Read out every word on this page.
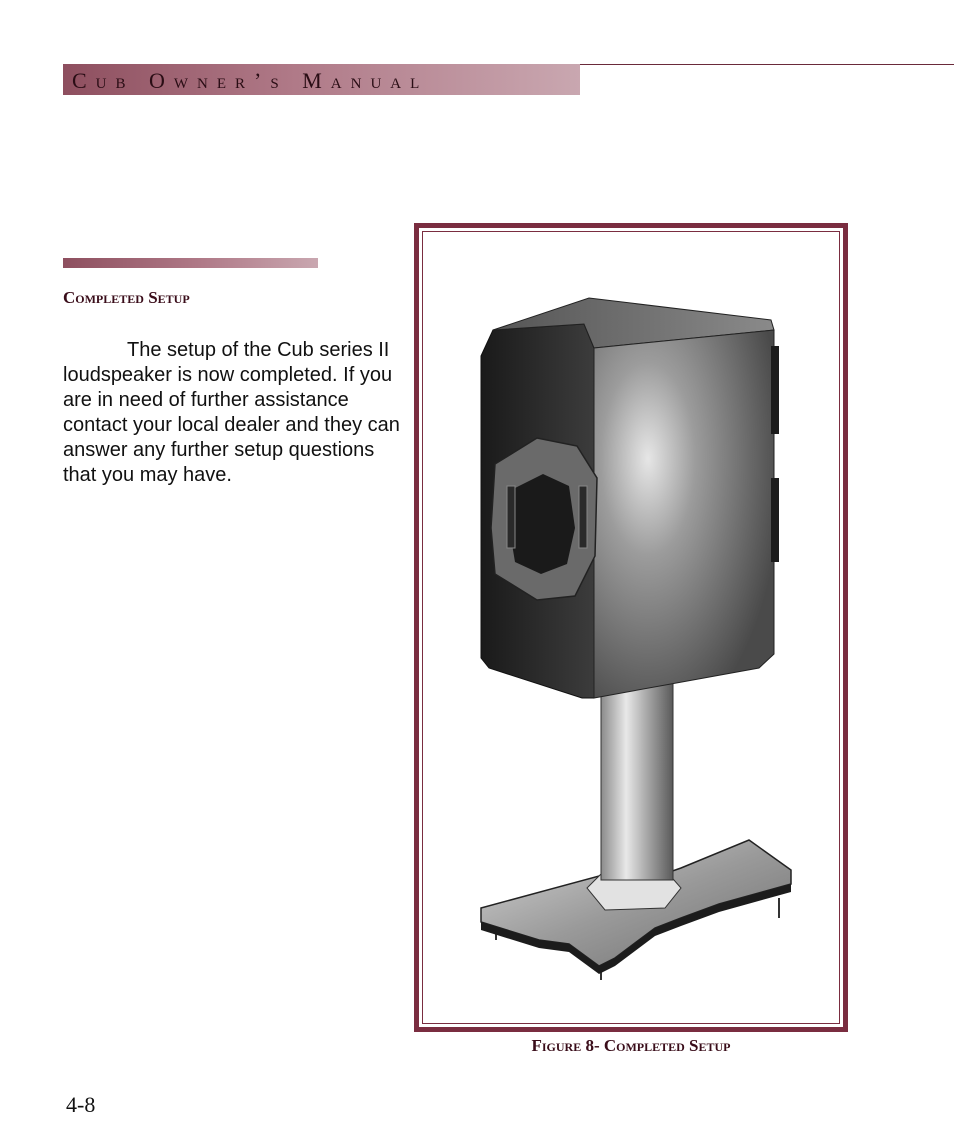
Cub Owner’s Manual
Completed Setup
The setup of the Cub series II loudspeaker is now completed. If you are in need of further assistance contact your local dealer and they can answer any further setup questions that you may have.
Figure 8- Completed Setup
4-8
